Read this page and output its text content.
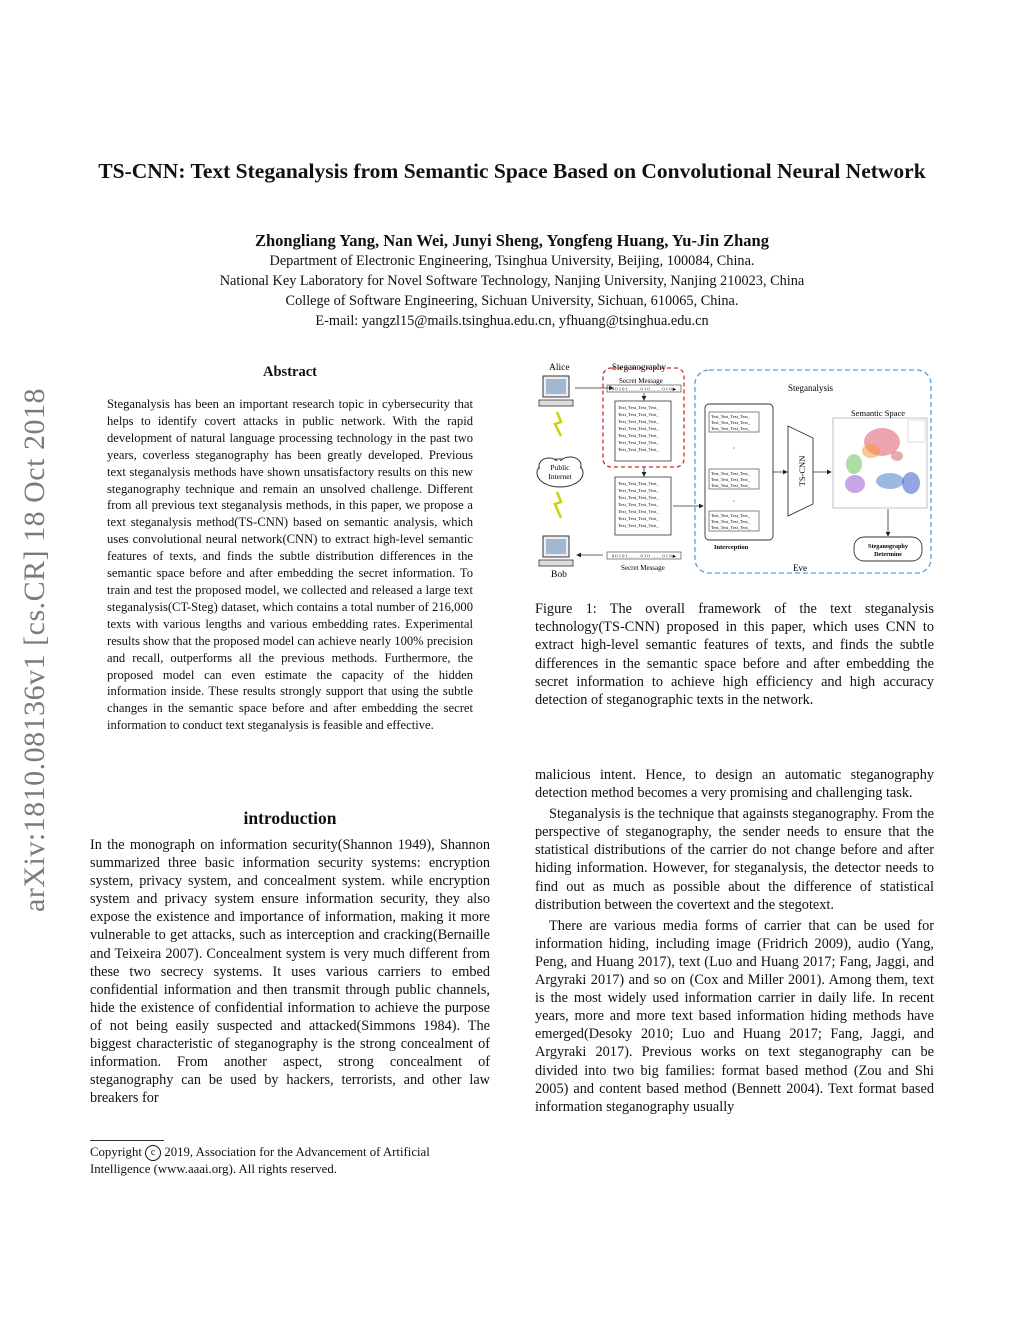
TS-CNN: Text Steganalysis from Semantic Space Based on Convolutional Neural Network
Zhongliang Yang, Nan Wei, Junyi Sheng, Yongfeng Huang, Yu-Jin Zhang
Department of Electronic Engineering, Tsinghua University, Beijing, 100084, China.
National Key Laboratory for Novel Software Technology, Nanjing University, Nanjing 210023, China
College of Software Engineering, Sichuan University, Sichuan, 610065, China.
E-mail: yangzl15@mails.tsinghua.edu.cn, yfhuang@tsinghua.edu.cn
arXiv:1810.08136v1 [cs.CR] 18 Oct 2018
Abstract
Steganalysis has been an important research topic in cybersecurity that helps to identify covert attacks in public network. With the rapid development of natural language processing technology in the past two years, coverless steganography has been greatly developed. Previous text steganalysis methods have shown unsatisfactory results on this new steganography technique and remain an unsolved challenge. Different from all previous text steganalysis methods, in this paper, we propose a text steganalysis method(TS-CNN) based on semantic analysis, which uses convolutional neural network(CNN) to extract high-level semantic features of texts, and finds the subtle distribution differences in the semantic space before and after embedding the secret information. To train and test the proposed model, we collected and released a large text steganalysis(CT-Steg) dataset, which contains a total number of 216,000 texts with various lengths and various embedding rates. Experimental results show that the proposed model can achieve nearly 100% precision and recall, outperforms all the previous methods. Furthermore, the proposed model can even estimate the capacity of the hidden information inside. These results strongly support that using the subtle changes in the semantic space before and after embedding the secret information to conduct text steganalysis is feasible and effective.
introduction
In the monograph on information security(Shannon 1949), Shannon summarized three basic information security systems: encryption system, privacy system, and concealment system. while encryption system and privacy system ensure information security, they also expose the existence and importance of information, making it more vulnerable to get attacks, such as interception and cracking(Bernaille and Teixeira 2007). Concealment system is very much different from these two secrecy systems. It uses various carriers to embed confidential information and then transmit through public channels, hide the existence of confidential information to achieve the purpose of not being easily suspected and attacked(Simmons 1984). The biggest characteristic of steganography is the strong concealment of information. From another aspect, strong concealment of steganography can be used by hackers, terrorists, and other law breakers for
Copyright c 2019, Association for the Advancement of Artificial
Intelligence (www.aaai.org). All rights reserved.
Alice
Bob
Public
Internet
Steganography
Secret Message
0 0 1 0 1 … … 0 1 0 … … 0 1 0 ▶
Text_Text_Text_Text_
Text_Text_Text_Text_
Text_Text_Text_Text_
Text_Text_Text_Text_
Text_Text_Text_Text_
Text_Text_Text_Text_
Text_Text_Text_Text_
Text_Text_Text_Text_
Text_Text_Text_Text_
Text_Text_Text_Text_
Text_Text_Text_Text_
Text_Text_Text_Text_
Text_Text_Text_Text_
Text_Text_Text_Text_
0 0 1 0 1 … … 0 1 0 … … 0 1 0 ▶
Secret Message
Steganalysis
Text_Text_Text_Text_
Text_Text_Text_Text_
Text_Text_Text_Text_
Text_Text_Text_Text_
Text_Text_Text_Text_
Text_Text_Text_Text_
Text_Text_Text_Text_
Text_Text_Text_Text_
Text_Text_Text_Text_
·
·
Interception
TS-CNN
Semantic Space
Steganography
Determine
Eve
Figure 1: The overall framework of the text steganalysis technology(TS-CNN) proposed in this paper, which uses CNN to extract high-level semantic features of texts, and finds the subtle differences in the semantic space before and after embedding the secret information to achieve high efficiency and high accuracy detection of steganographic texts in the network.

malicious intent. Hence, to design an automatic steganography detection method becomes a very promising and challenging task.

Steganalysis is the technique that againsts steganography. From the perspective of steganography, the sender needs to ensure that the statistical distributions of the carrier do not change before and after hiding information. However, for steganalysis, the detector needs to find out as much as possible about the difference of statistical distribution between the covertext and the stegotext.

There are various media forms of carrier that can be used for information hiding, including image (Fridrich 2009), audio (Yang, Peng, and Huang 2017), text (Luo and Huang 2017; Fang, Jaggi, and Argyraki 2017) and so on (Cox and Miller 2001). Among them, text is the most widely used information carrier in daily life. In recent years, more and more text based information hiding methods have emerged(Desoky 2010; Luo and Huang 2017; Fang, Jaggi, and Argyraki 2017). Previous works on text steganography can be divided into two big families: format based method (Zou and Shi 2005) and content based method (Bennett 2004). Text format based information steganography usually
